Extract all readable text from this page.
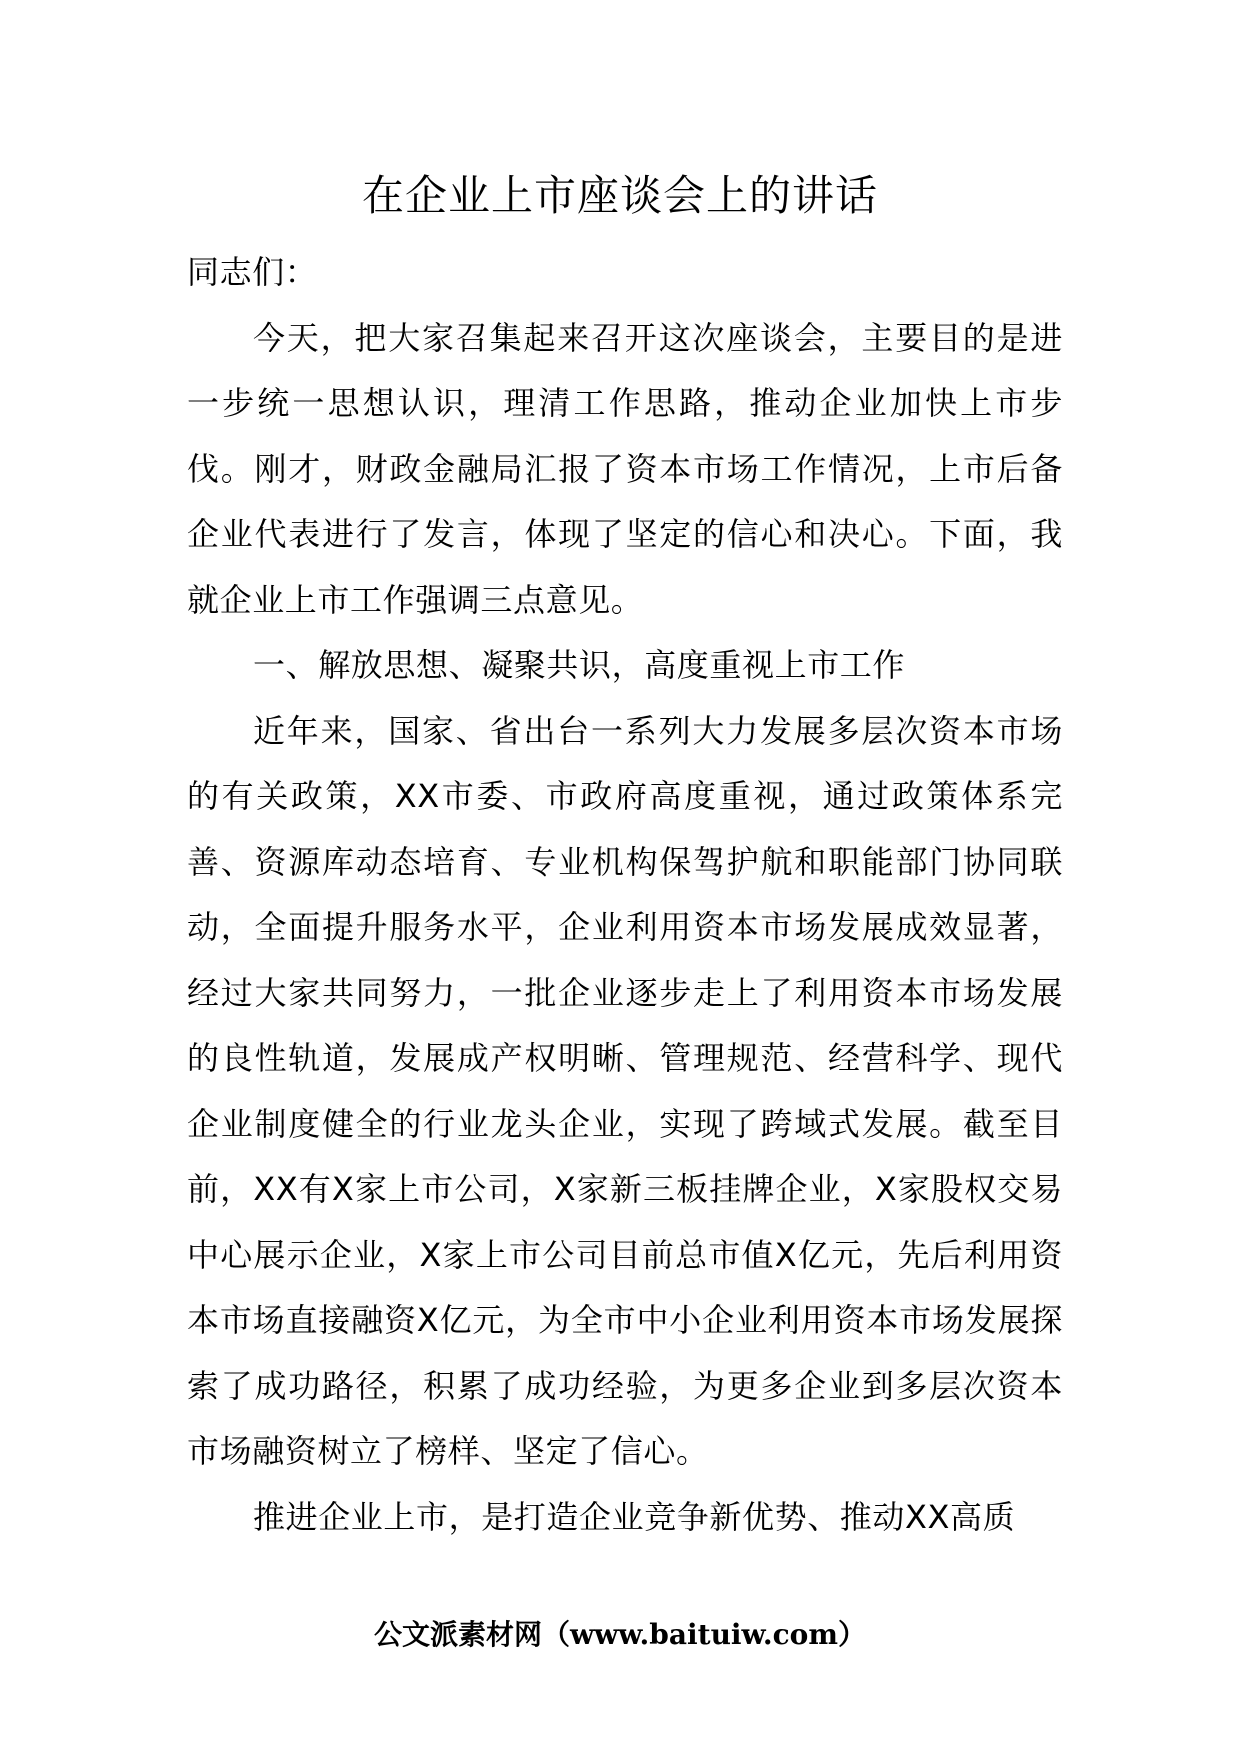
在企业上市座谈会上的讲话

同志们：

今天，把大家召集起来召开这次座谈会，主要目的是进一步统一思想认识，理清工作思路，推动企业加快上市步伐。刚才，财政金融局汇报了资本市场工作情况，上市后备企业代表进行了发言，体现了坚定的信心和决心。下面，我就企业上市工作强调三点意见。

一、解放思想、凝聚共识，高度重视上市工作

近年来，国家、省出台一系列大力发展多层次资本市场的有关政策，XX市委、市政府高度重视，通过政策体系完善、资源库动态培育、专业机构保驾护航和职能部门协同联动，全面提升服务水平，企业利用资本市场发展成效显著，经过大家共同努力，一批企业逐步走上了利用资本市场发展的良性轨道，发展成产权明晰、管理规范、经营科学、现代企业制度健全的行业龙头企业，实现了跨域式发展。截至目前，XX有X家上市公司，X家新三板挂牌企业，X家股权交易中心展示企业，X家上市公司目前总市值X亿元，先后利用资本市场直接融资X亿元，为全市中小企业利用资本市场发展探索了成功路径，积累了成功经验，为更多企业到多层次资本市场融资树立了榜样、坚定了信心。

推进企业上市，是打造企业竞争新优势、推动XX高质

公文派素材网（www.baituiw.com）
